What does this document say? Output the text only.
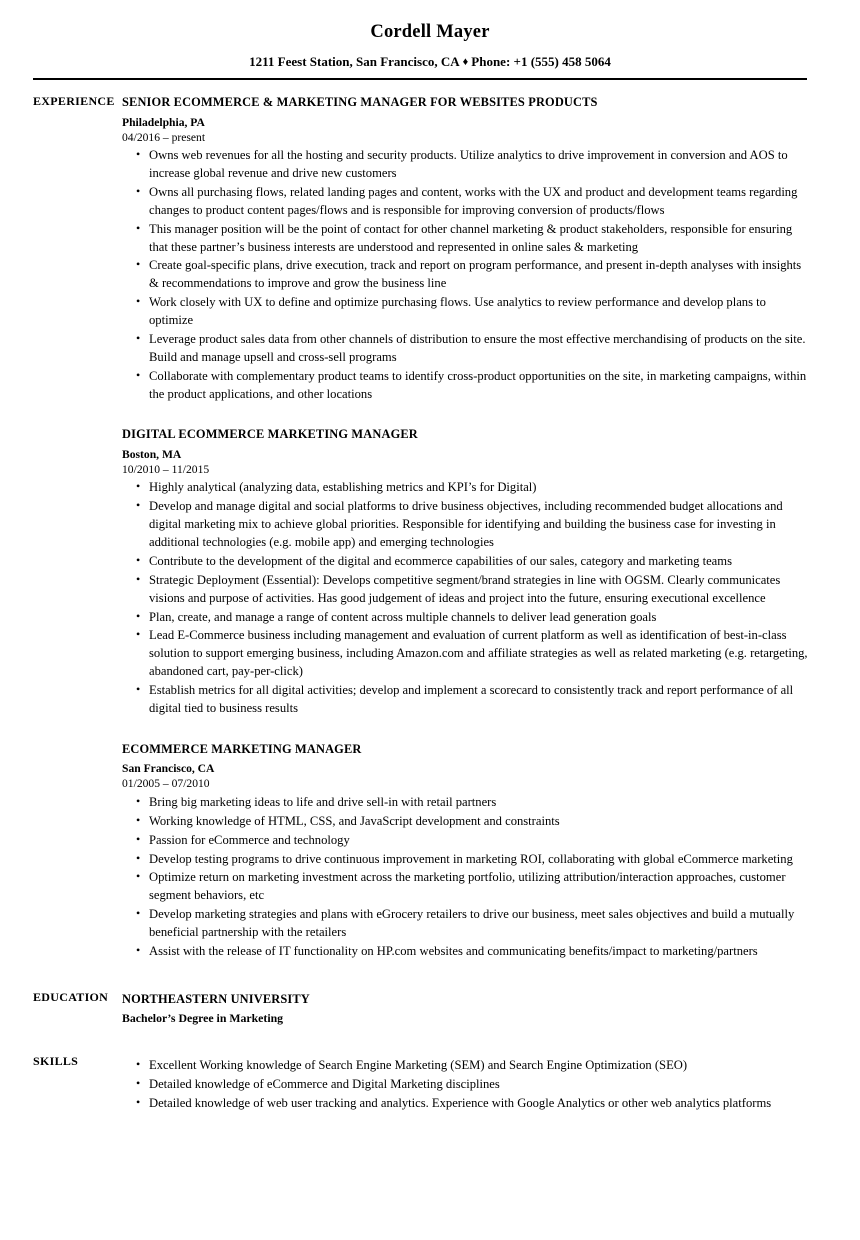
Cordell Mayer
1211 Feest Station, San Francisco, CA ♦ Phone: +1 (555) 458 5064
EXPERIENCE SENIOR ECOMMERCE & MARKETING MANAGER FOR WEBSITES PRODUCTS
Philadelphia, PA
04/2016 – present
• Owns web revenues for all the hosting and security products. Utilize analytics to drive improvement in conversion and AOS to increase global revenue and drive new customers
• Owns all purchasing flows, related landing pages and content, works with the UX and product and development teams regarding changes to product content pages/flows and is responsible for improving conversion of products/flows
• This manager position will be the point of contact for other channel marketing & product stakeholders, responsible for ensuring that these partner’s business interests are understood and represented in online sales & marketing
• Create goal-specific plans, drive execution, track and report on program performance, and present in-depth analyses with insights & recommendations to improve and grow the business line
• Work closely with UX to define and optimize purchasing flows. Use analytics to review performance and develop plans to optimize
• Leverage product sales data from other channels of distribution to ensure the most effective merchandising of products on the site. Build and manage upsell and cross-sell programs
• Collaborate with complementary product teams to identify cross-product opportunities on the site, in marketing campaigns, within the product applications, and other locations
DIGITAL ECOMMERCE MARKETING MANAGER
Boston, MA
10/2010 – 11/2015
• Highly analytical (analyzing data, establishing metrics and KPI’s for Digital)
• Develop and manage digital and social platforms to drive business objectives, including recommended budget allocations and digital marketing mix to achieve global priorities. Responsible for identifying and building the business case for investing in additional technologies (e.g. mobile app) and emerging technologies
• Contribute to the development of the digital and ecommerce capabilities of our sales, category and marketing teams
• Strategic Deployment (Essential): Develops competitive segment/brand strategies in line with OGSM. Clearly communicates visions and purpose of activities. Has good judgement of ideas and project into the future, ensuring executional excellence
• Plan, create, and manage a range of content across multiple channels to deliver lead generation goals
• Lead E-Commerce business including management and evaluation of current platform as well as identification of best-in-class solution to support emerging business, including Amazon.com and affiliate strategies as well as related marketing (e.g. retargeting, abandoned cart, pay-per-click)
• Establish metrics for all digital activities; develop and implement a scorecard to consistently track and report performance of all digital tied to business results
ECOMMERCE MARKETING MANAGER
San Francisco, CA
01/2005 – 07/2010
• Bring big marketing ideas to life and drive sell-in with retail partners
• Working knowledge of HTML, CSS, and JavaScript development and constraints
• Passion for eCommerce and technology
• Develop testing programs to drive continuous improvement in marketing ROI, collaborating with global eCommerce marketing
• Optimize return on marketing investment across the marketing portfolio, utilizing attribution/interaction approaches, customer segment behaviors, etc
• Develop marketing strategies and plans with eGrocery retailers to drive our business, meet sales objectives and build a mutually beneficial partnership with the retailers
• Assist with the release of IT functionality on HP.com websites and communicating benefits/impact to marketing/partners
EDUCATION	NORTHEASTERN UNIVERSITY
Bachelor’s Degree in Marketing
SKILLS	• Excellent Working knowledge of Search Engine Marketing (SEM) and Search Engine Optimization (SEO)
• Detailed knowledge of eCommerce and Digital Marketing disciplines
• Detailed knowledge of web user tracking and analytics. Experience with Google Analytics or other web analytics platforms
